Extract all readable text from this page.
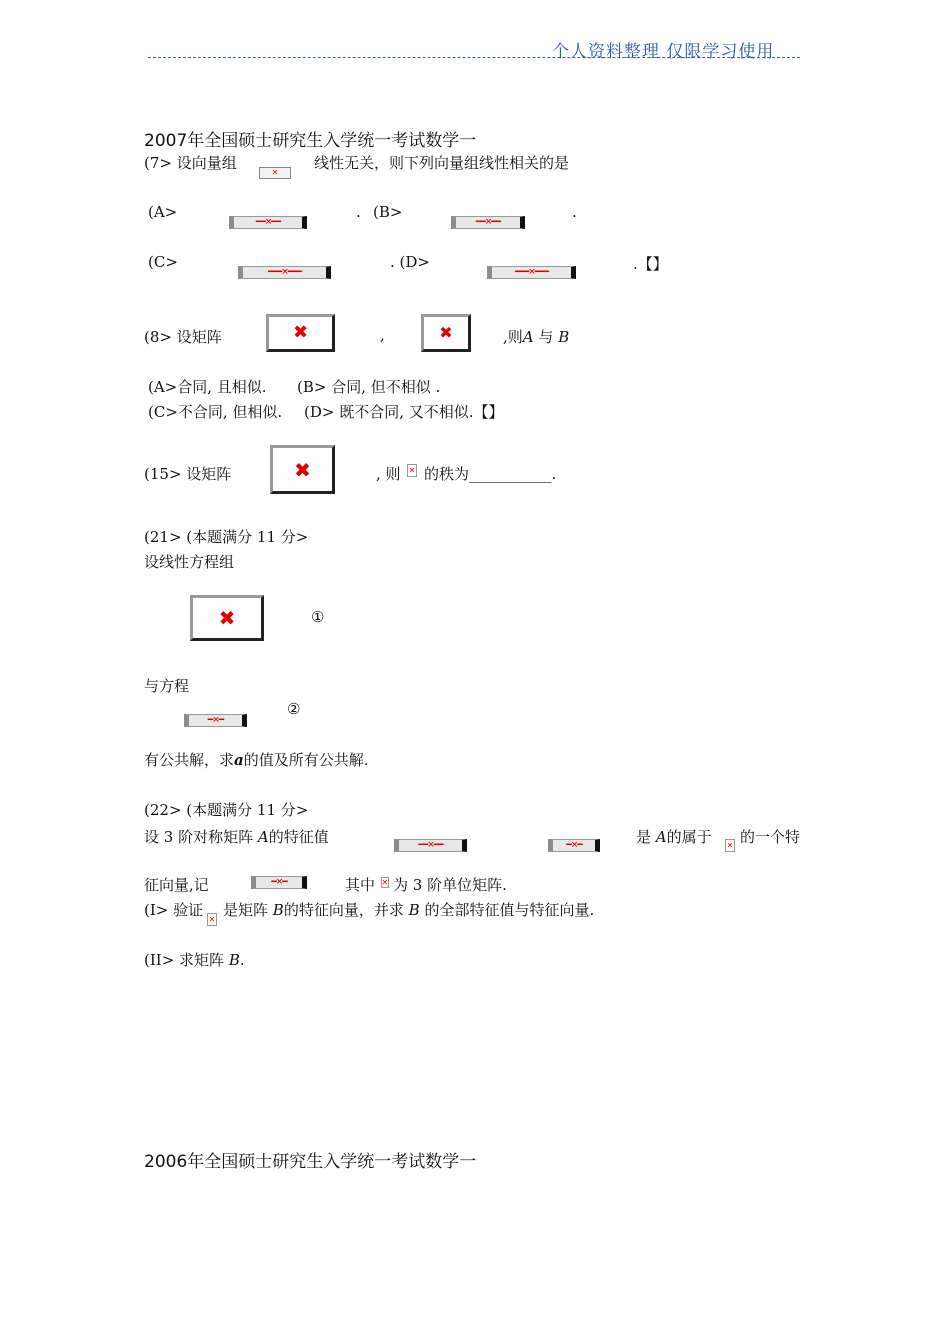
个人资料整理 仅限学习使用
2007年全国硕士研究生入学统一考试数学一
(7> 设向量组
✕
线性无关，则下列向量组线性相关的是
(A>
━━✕━━
. (B>
━━✕━━
.
(C>
━━━✕━━━
. (D>
━━━✕━━━	.【】
(8> 设矩阵	✖	,	✖	,则A 与 B
(A>合同, 且相似. (B> 合同, 但不相似 .
(C>不合同, 但相似. (D> 既不合同, 又不相似.【】
(15> 设矩阵	✖	, 则 ✕ 的秩为___________.
(21> (本题满分 11 分>
设线性方程组
✖	①
与方程
━✕━
②
有公共解，求a的值及所有公共解.
(22> (本题满分 11 分>
设 3 阶对称矩阵 A的特征值	━━✕━━	━✕━	是 A的属于 ✕ 的一个特
征向量,记	━✕━	其中 ✕ 为 3 阶单位矩阵.
(I> 验证 ✕ 是矩阵 B的特征向量，并求 B 的全部特征值与特征向量.
(II> 求矩阵 B.
2006年全国硕士研究生入学统一考试数学一
